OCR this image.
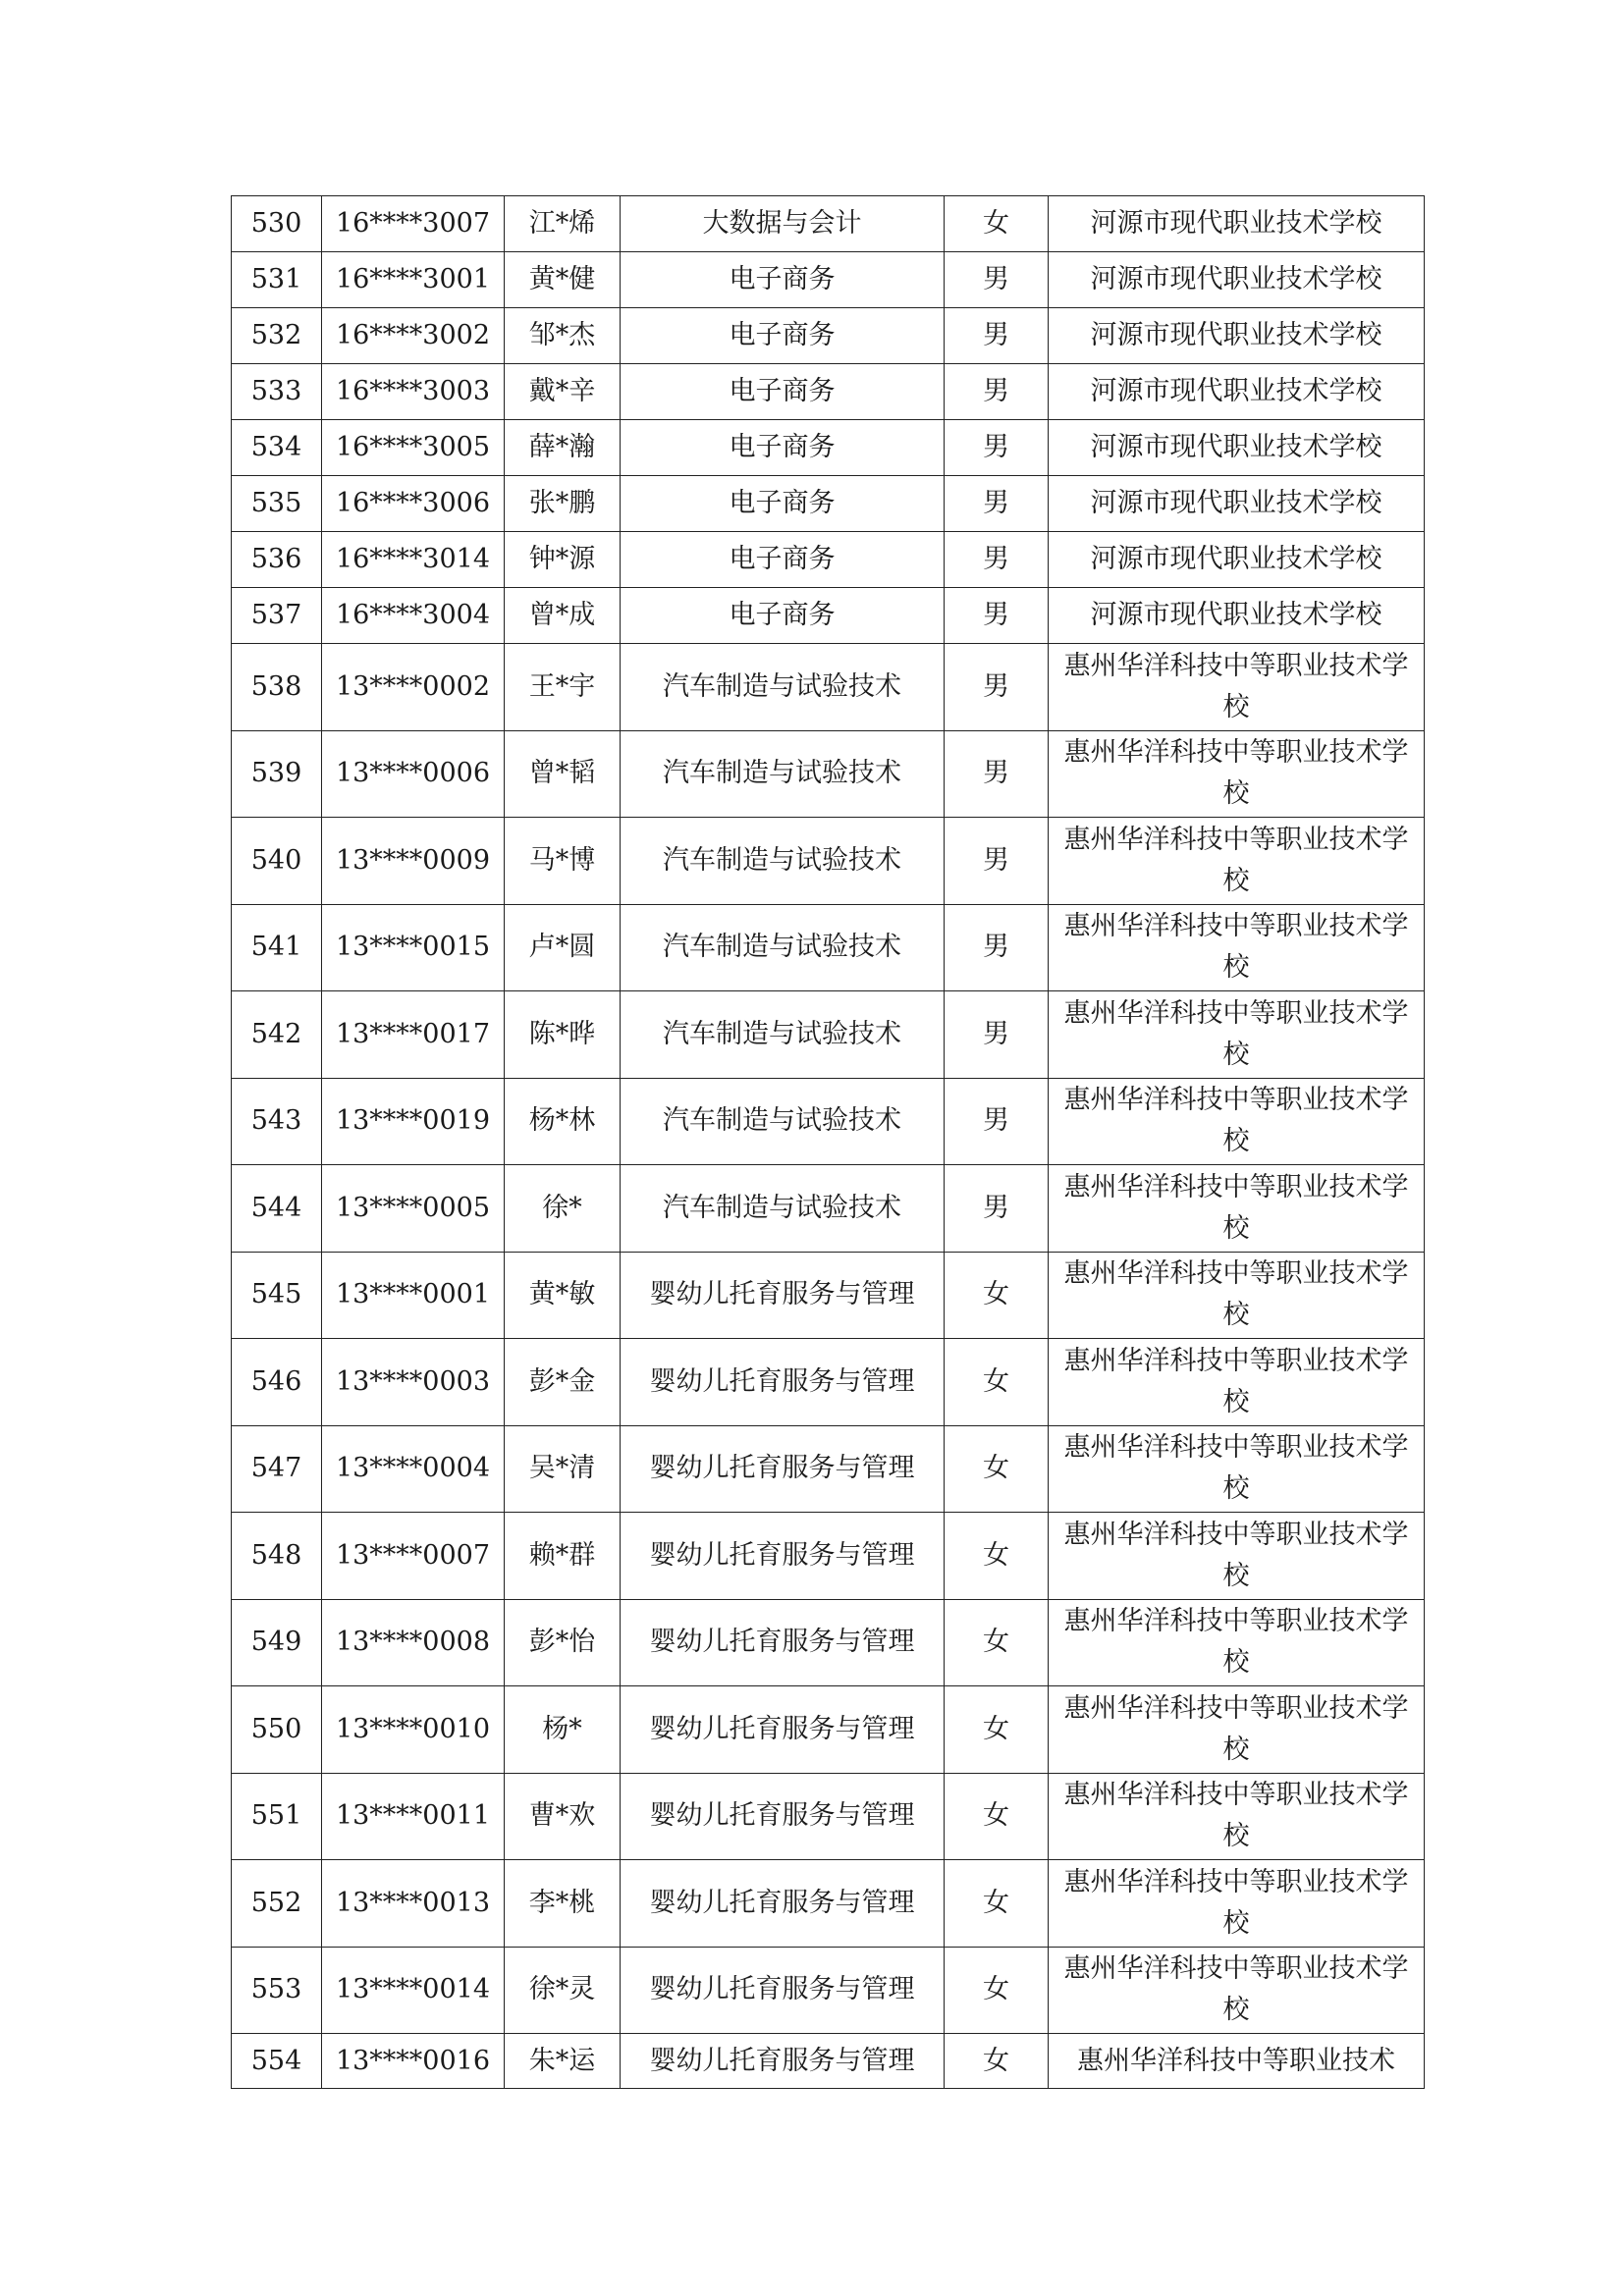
530	16****3007	江*烯	大数据与会计	女	河源市现代职业技术学校
531	16****3001	黄*健	电子商务	男	河源市现代职业技术学校
532	16****3002	邹*杰	电子商务	男	河源市现代职业技术学校
533	16****3003	戴*辛	电子商务	男	河源市现代职业技术学校
534	16****3005	薛*瀚	电子商务	男	河源市现代职业技术学校
535	16****3006	张*鹏	电子商务	男	河源市现代职业技术学校
536	16****3014	钟*源	电子商务	男	河源市现代职业技术学校
537	16****3004	曾*成	电子商务	男	河源市现代职业技术学校
538	13****0002	王*宇	汽车制造与试验技术	男	惠州华洋科技中等职业技术学校
539	13****0006	曾*韬	汽车制造与试验技术	男	惠州华洋科技中等职业技术学校
540	13****0009	马*博	汽车制造与试验技术	男	惠州华洋科技中等职业技术学校
541	13****0015	卢*圆	汽车制造与试验技术	男	惠州华洋科技中等职业技术学校
542	13****0017	陈*晔	汽车制造与试验技术	男	惠州华洋科技中等职业技术学校
543	13****0019	杨*林	汽车制造与试验技术	男	惠州华洋科技中等职业技术学校
544	13****0005	徐*	汽车制造与试验技术	男	惠州华洋科技中等职业技术学校
545	13****0001	黄*敏	婴幼儿托育服务与管理	女	惠州华洋科技中等职业技术学校
546	13****0003	彭*金	婴幼儿托育服务与管理	女	惠州华洋科技中等职业技术学校
547	13****0004	吴*清	婴幼儿托育服务与管理	女	惠州华洋科技中等职业技术学校
548	13****0007	赖*群	婴幼儿托育服务与管理	女	惠州华洋科技中等职业技术学校
549	13****0008	彭*怡	婴幼儿托育服务与管理	女	惠州华洋科技中等职业技术学校
550	13****0010	杨*	婴幼儿托育服务与管理	女	惠州华洋科技中等职业技术学校
551	13****0011	曹*欢	婴幼儿托育服务与管理	女	惠州华洋科技中等职业技术学校
552	13****0013	李*桃	婴幼儿托育服务与管理	女	惠州华洋科技中等职业技术学校
553	13****0014	徐*灵	婴幼儿托育服务与管理	女	惠州华洋科技中等职业技术学校
554	13****0016	朱*运	婴幼儿托育服务与管理	女	惠州华洋科技中等职业技术
